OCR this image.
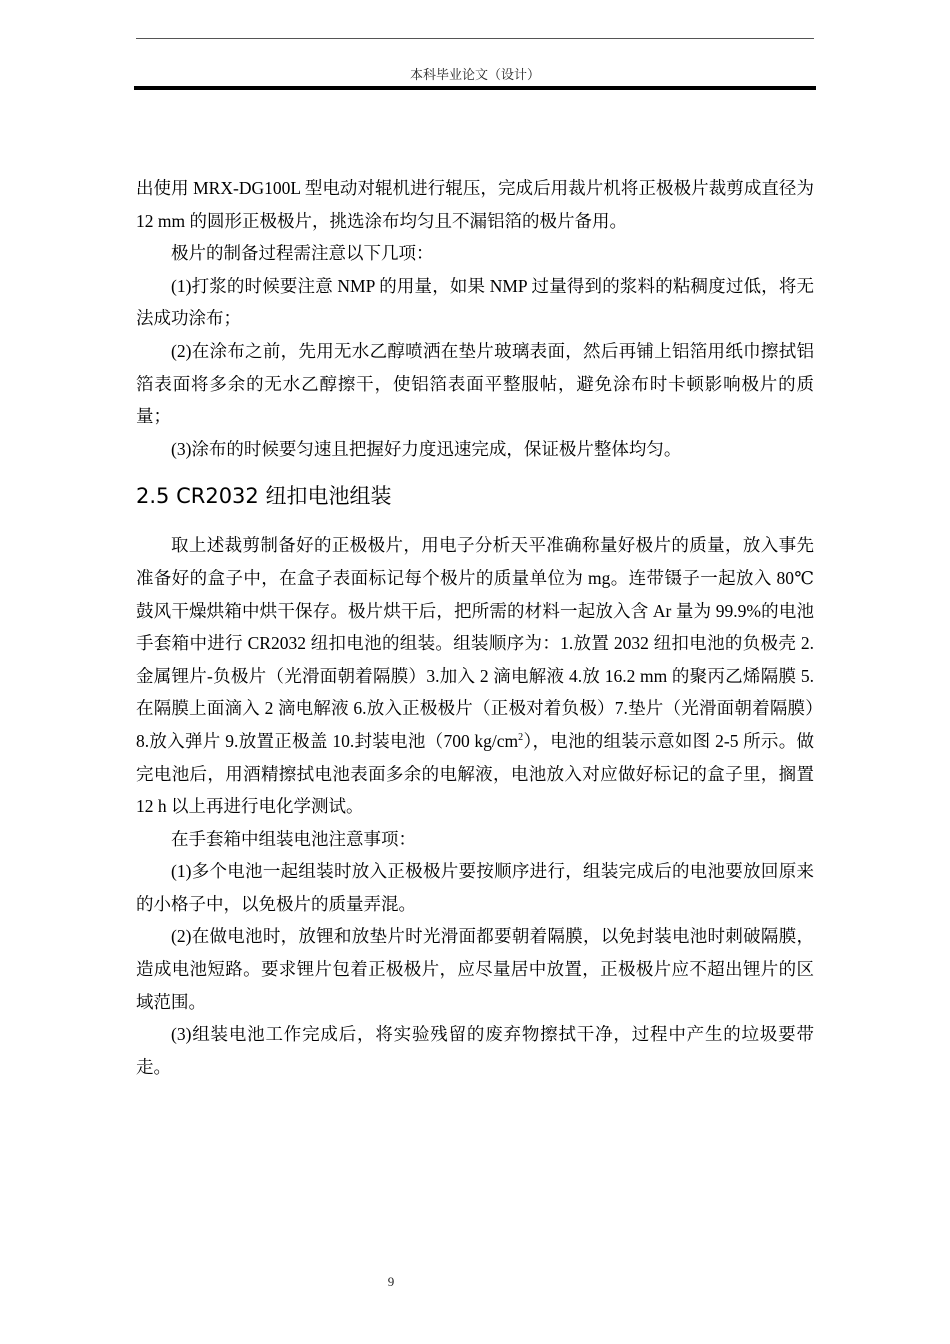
本科毕业论文（设计）

出使用 MRX-DG100L 型电动对辊机进行辊压，完成后用裁片机将正极极片裁剪成直径为 12 mm 的圆形正极极片，挑选涂布均匀且不漏铝箔的极片备用。

极片的制备过程需注意以下几项：

(1)打浆的时候要注意 NMP 的用量，如果 NMP 过量得到的浆料的粘稠度过低，将无法成功涂布；

(2)在涂布之前，先用无水乙醇喷洒在垫片玻璃表面，然后再铺上铝箔用纸巾擦拭铝箔表面将多余的无水乙醇擦干，使铝箔表面平整服帖，避免涂布时卡顿影响极片的质量；

(3)涂布的时候要匀速且把握好力度迅速完成，保证极片整体均匀。

2.5 CR2032 纽扣电池组装

取上述裁剪制备好的正极极片，用电子分析天平准确称量好极片的质量，放入事先准备好的盒子中，在盒子表面标记每个极片的质量单位为 mg。连带镊子一起放入 80℃鼓风干燥烘箱中烘干保存。极片烘干后，把所需的材料一起放入含 Ar 量为 99.9%的电池手套箱中进行 CR2032 纽扣电池的组装。组装顺序为：1.放置 2032 纽扣电池的负极壳 2.金属锂片-负极片（光滑面朝着隔膜）3.加入 2 滴电解液 4.放 16.2 mm 的聚丙乙烯隔膜 5.在隔膜上面滴入 2 滴电解液 6.放入正极极片（正极对着负极）7.垫片（光滑面朝着隔膜）8.放入弹片 9.放置正极盖 10.封装电池（700 $kg/cm^2$），电池的组装示意如图 2-5 所示。做完电池后，用酒精擦拭电池表面多余的电解液，电池放入对应做好标记的盒子里，搁置 12 h 以上再进行电化学测试。

在手套箱中组装电池注意事项：

(1)多个电池一起组装时放入正极极片要按顺序进行，组装完成后的电池要放回原来的小格子中，以免极片的质量弄混。

(2)在做电池时，放锂和放垫片时光滑面都要朝着隔膜，以免封装电池时刺破隔膜，造成电池短路。要求锂片包着正极极片，应尽量居中放置，正极极片应不超出锂片的区域范围。

(3)组装电池工作完成后，将实验残留的废弃物擦拭干净，过程中产生的垃圾要带走。

9
